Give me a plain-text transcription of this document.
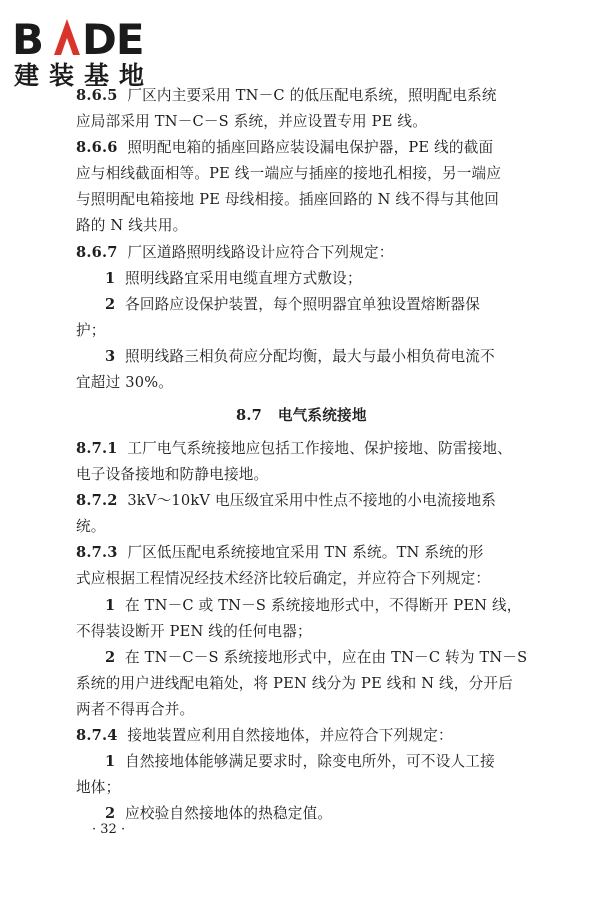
B DE
建装基地
8.6.5 厂区内主要采用 TN－C 的低压配电系统，照明配电系统
应局部采用 TN－C－S 系统，并应设置专用 PE 线。
8.6.6 照明配电箱的插座回路应装设漏电保护器，PE 线的截面
应与相线截面相等。PE 线一端应与插座的接地孔相接，另一端应
与照明配电箱接地 PE 母线相接。插座回路的 N 线不得与其他回
路的 N 线共用。
8.6.7 厂区道路照明线路设计应符合下列规定：
1 照明线路宜采用电缆直埋方式敷设；
2 各回路应设保护装置，每个照明器宜单独设置熔断器保
护；
3 照明线路三相负荷应分配均衡，最大与最小相负荷电流不
宜超过 30%。
8.7 电气系统接地
8.7.1 工厂电气系统接地应包括工作接地、保护接地、防雷接地、
电子设备接地和防静电接地。
8.7.2 3kV～10kV 电压级宜采用中性点不接地的小电流接地系
统。
8.7.3 厂区低压配电系统接地宜采用 TN 系统。TN 系统的形
式应根据工程情况经技术经济比较后确定，并应符合下列规定：
1 在 TN－C 或 TN－S 系统接地形式中，不得断开 PEN 线，
不得装设断开 PEN 线的任何电器；
2 在 TN－C－S 系统接地形式中，应在由 TN－C 转为 TN－S
系统的用户进线配电箱处，将 PEN 线分为 PE 线和 N 线，分开后
两者不得再合并。
8.7.4 接地装置应利用自然接地体，并应符合下列规定：
1 自然接地体能够满足要求时，除变电所外，可不设人工接
地体；
2 应校验自然接地体的热稳定值。
· 32 ·
